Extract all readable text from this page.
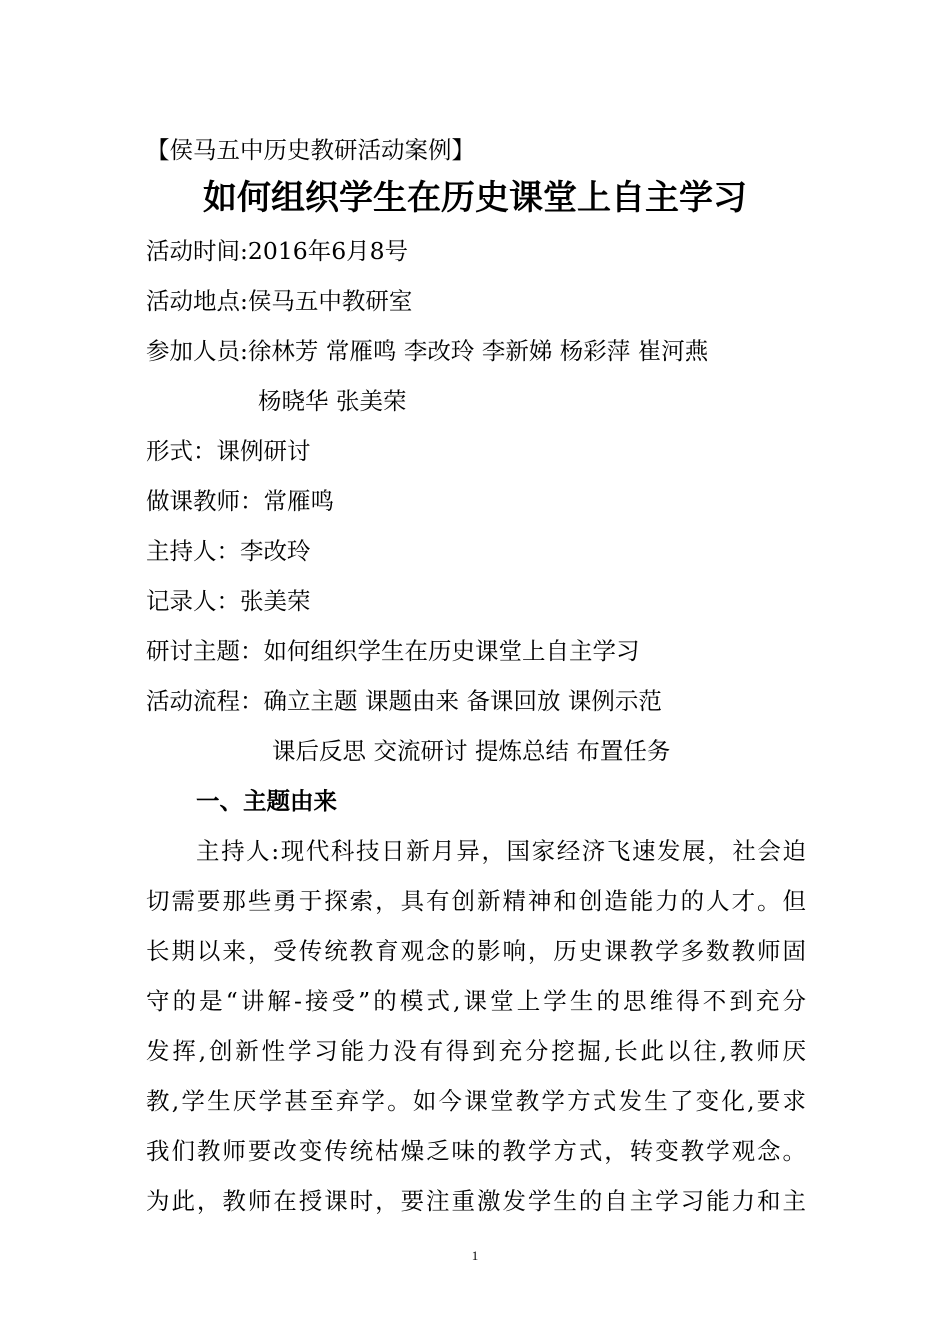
【侯马五中历史教研活动案例】
如何组织学生在历史课堂上自主学习
活动时间:2016年6月8号
活动地点:侯马五中教研室
参加人员:徐林芳 常雁鸣 李改玲 李新娣 杨彩萍 崔河燕
杨晓华 张美荣
形式：课例研讨
做课教师：常雁鸣
主持人：李改玲
记录人：张美荣
研讨主题：如何组织学生在历史课堂上自主学习
活动流程：确立主题 课题由来 备课回放 课例示范
课后反思 交流研讨 提炼总结 布置任务
一、主题由来
主持人:现代科技日新月异，国家经济飞速发展，社会迫
切需要那些勇于探索，具有创新精神和创造能力的人才。但
长期以来，受传统教育观念的影响，历史课教学多数教师固
守的是“讲解-接受”的模式,课堂上学生的思维得不到充分
发挥,创新性学习能力没有得到充分挖掘,长此以往,教师厌
教,学生厌学甚至弃学。如今课堂教学方式发生了变化,要求
我们教师要改变传统枯燥乏味的教学方式，转变教学观念。
为此，教师在授课时，要注重激发学生的自主学习能力和主
1
